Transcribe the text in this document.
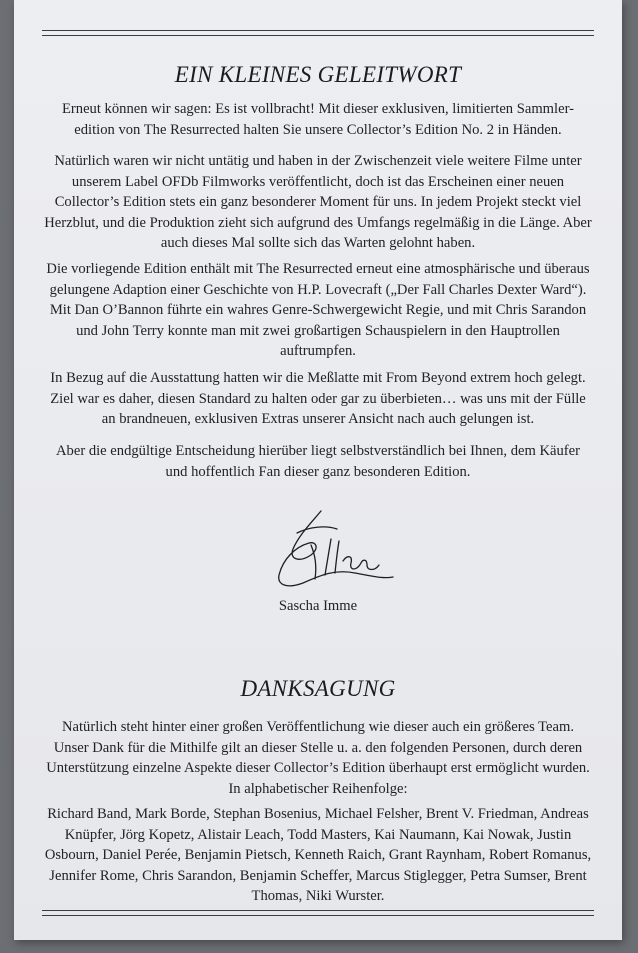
EIN KLEINES GELEITWORT

Erneut können wir sagen: Es ist vollbracht! Mit dieser exklusiven, limitierten Sammler-edition von The Resurrected halten Sie unsere Collector’s Edition No. 2 in Händen.

Natürlich waren wir nicht untätig und haben in der Zwischenzeit viele weitere Filme unter unserem Label OFDb Filmworks veröffentlicht, doch ist das Erscheinen einer neuen Collector’s Edition stets ein ganz besonderer Moment für uns. In jedem Projekt steckt viel Herzblut, und die Produktion zieht sich aufgrund des Umfangs regelmäßig in die Länge. Aber auch dieses Mal sollte sich das Warten gelohnt haben.

Die vorliegende Edition enthält mit The Resurrected erneut eine atmosphärische und überaus gelungene Adaption einer Geschichte von H.P. Lovecraft („Der Fall Charles Dexter Ward“). Mit Dan O’Bannon führte ein wahres Genre-Schwergewicht Regie, und mit Chris Sarandon und John Terry konnte man mit zwei großartigen Schauspielern in den Hauptrollen auftrumpfen.

In Bezug auf die Ausstattung hatten wir die Meßlatte mit From Beyond extrem hoch gelegt. Ziel war es daher, diesen Standard zu halten oder gar zu überbieten… was uns mit der Fülle an brandneuen, exklusiven Extras unserer Ansicht nach auch gelungen ist.

Aber die endgültige Entscheidung hierüber liegt selbstverständlich bei Ihnen, dem Käufer und hoffentlich Fan dieser ganz besonderen Edition.

Sascha Imme

DANKSAGUNG

Natürlich steht hinter einer großen Veröffentlichung wie dieser auch ein größeres Team. Unser Dank für die Mithilfe gilt an dieser Stelle u. a. den folgenden Personen, durch deren Unterstützung einzelne Aspekte dieser Collector’s Edition überhaupt erst ermöglicht wurden. In alphabetischer Reihenfolge:

Richard Band, Mark Borde, Stephan Bosenius, Michael Felsher, Brent V. Friedman, Andreas Knüpfer, Jörg Kopetz, Alistair Leach, Todd Masters, Kai Naumann, Kai Nowak, Justin Osbourn, Daniel Perée, Benjamin Pietsch, Kenneth Raich, Grant Raynham, Robert Romanus, Jennifer Rome, Chris Sarandon, Benjamin Scheffer, Marcus Stiglegger, Petra Sumser, Brent Thomas, Niki Wurster.
